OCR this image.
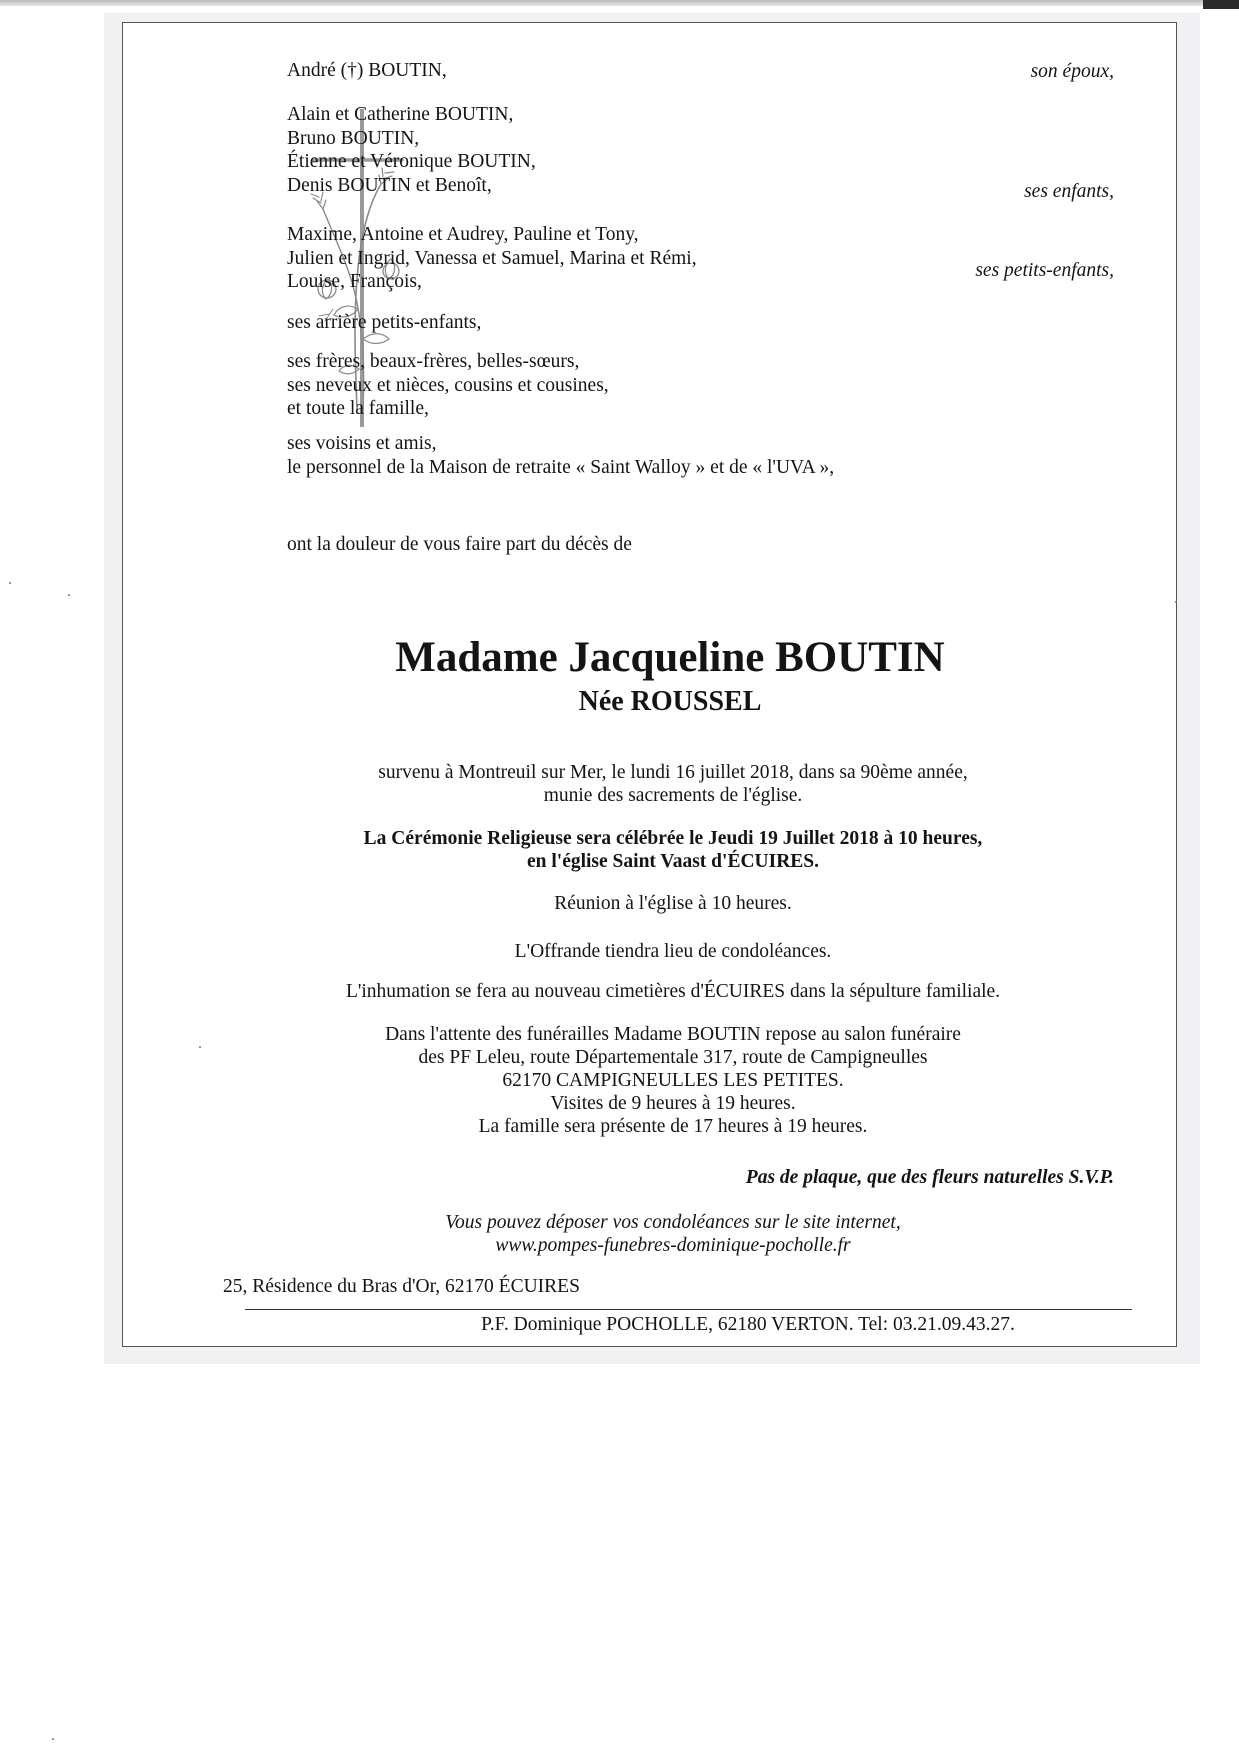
André (†) BOUTIN,	son époux,
Alain et Catherine BOUTIN,
Bruno BOUTIN,
Étienne et Véronique BOUTIN,
Denis BOUTIN et Benoît,	ses enfants,
Maxime, Antoine et Audrey, Pauline et Tony,
Julien et Ingrid, Vanessa et Samuel, Marina et Rémi,
Louise, François,
ses petits-enfants,

ses arrière petits-enfants,

ses frères, beaux-frères, belles-sœurs,
ses neveux et nièces, cousins et cousines,
et toute la famille,
ses voisins et amis,
le personnel de la Maison de retraite « Saint Walloy » et de « l'UVA »,

ont la douleur de vous faire part du décès de

Madame Jacqueline BOUTIN

Née ROUSSEL

survenu à Montreuil sur Mer, le lundi 16 juillet 2018, dans sa 90ème année,

munie des sacrements de l'église.

La Cérémonie Religieuse sera célébrée le Jeudi 19 Juillet 2018 à 10 heures,

en l'église Saint Vaast d'ÉCUIRES.

Réunion à l'église à 10 heures.

L'Offrande tiendra lieu de condoléances.

L'inhumation se fera au nouveau cimetières d'ÉCUIRES dans la sépulture familiale.

Dans l'attente des funérailles Madame BOUTIN repose au salon funéraire

des PF Leleu, route Départementale 317, route de Campigneulles

62170 CAMPIGNEULLES LES PETITES.

Visites de 9 heures à 19 heures.

La famille sera présente de 17 heures à 19 heures.

Pas de plaque, que des fleurs naturelles S.V.P.

Vous pouvez déposer vos condoléances sur le site internet,

www.pompes-funebres-dominique-pocholle.fr

25, Résidence du Bras d'Or, 62170 ÉCUIRES

P.F. Dominique POCHOLLE, 62180 VERTON. Tel: 03.21.09.43.27.
